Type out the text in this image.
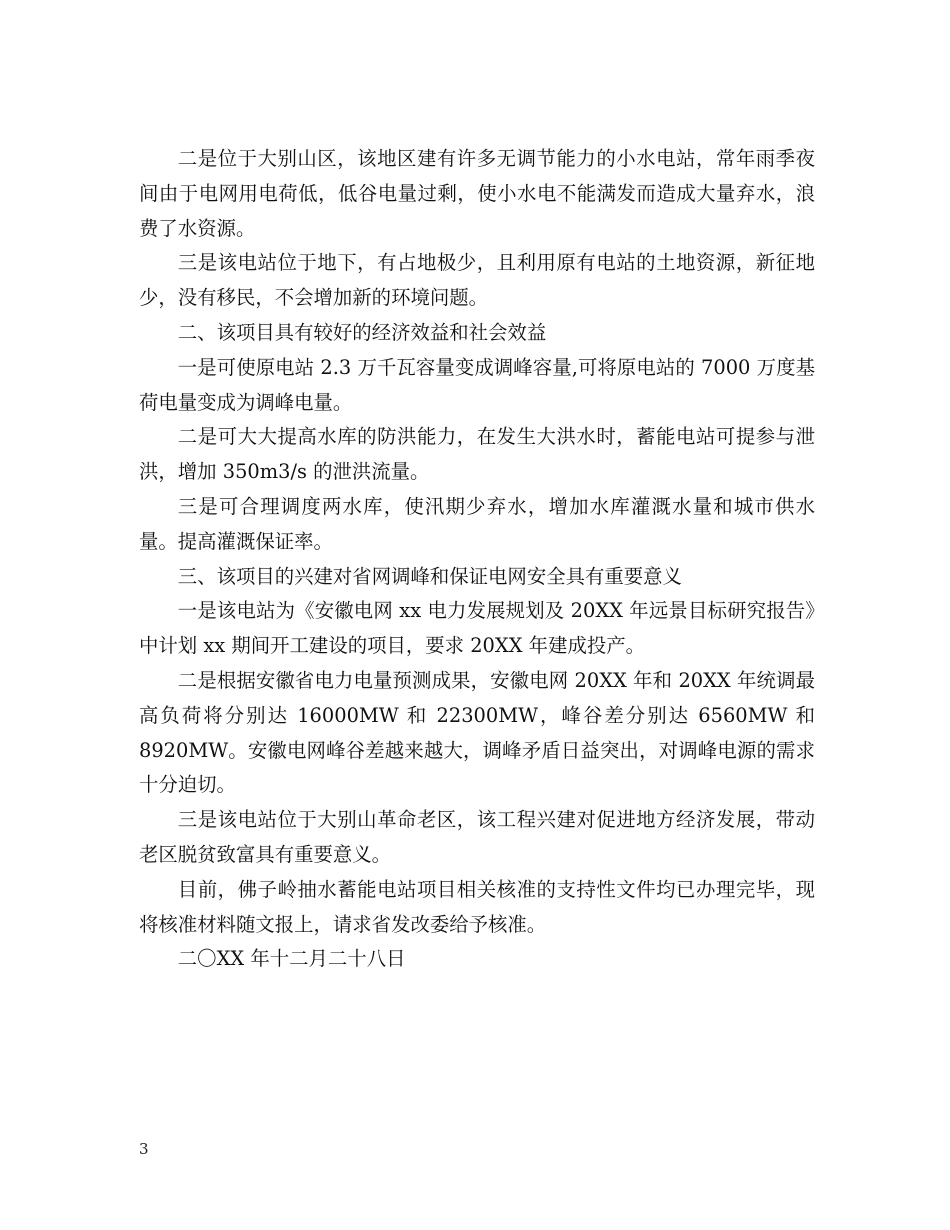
二是位于大别山区，该地区建有许多无调节能力的小水电站，常年雨季夜间由于电网用电荷低，低谷电量过剩，使小水电不能满发而造成大量弃水，浪费了水资源。

三是该电站位于地下，有占地极少，且利用原有电站的土地资源，新征地少，没有移民，不会增加新的环境问题。

二、该项目具有较好的经济效益和社会效益

一是可使原电站 2.3 万千瓦容量变成调峰容量,可将原电站的 7000 万度基荷电量变成为调峰电量。

二是可大大提高水库的防洪能力，在发生大洪水时，蓄能电站可提参与泄洪，增加 350m3/s 的泄洪流量。

三是可合理调度两水库，使汛期少弃水，增加水库灌溉水量和城市供水量。提高灌溉保证率。

三、该项目的兴建对省网调峰和保证电网安全具有重要意义

一是该电站为《安徽电网 xx 电力发展规划及 20XX 年远景目标研究报告》中计划 xx 期间开工建设的项目，要求 20XX 年建成投产。

二是根据安徽省电力电量预测成果，安徽电网 20XX 年和 20XX 年统调最高负荷将分别达 16000MW 和 22300MW，峰谷差分别达 6560MW 和 8920MW。安徽电网峰谷差越来越大，调峰矛盾日益突出，对调峰电源的需求十分迫切。

三是该电站位于大别山革命老区，该工程兴建对促进地方经济发展，带动老区脱贫致富具有重要意义。

目前，佛子岭抽水蓄能电站项目相关核准的支持性文件均已办理完毕，现将核准材料随文报上，请求省发改委给予核准。

二〇XX 年十二月二十八日

3
